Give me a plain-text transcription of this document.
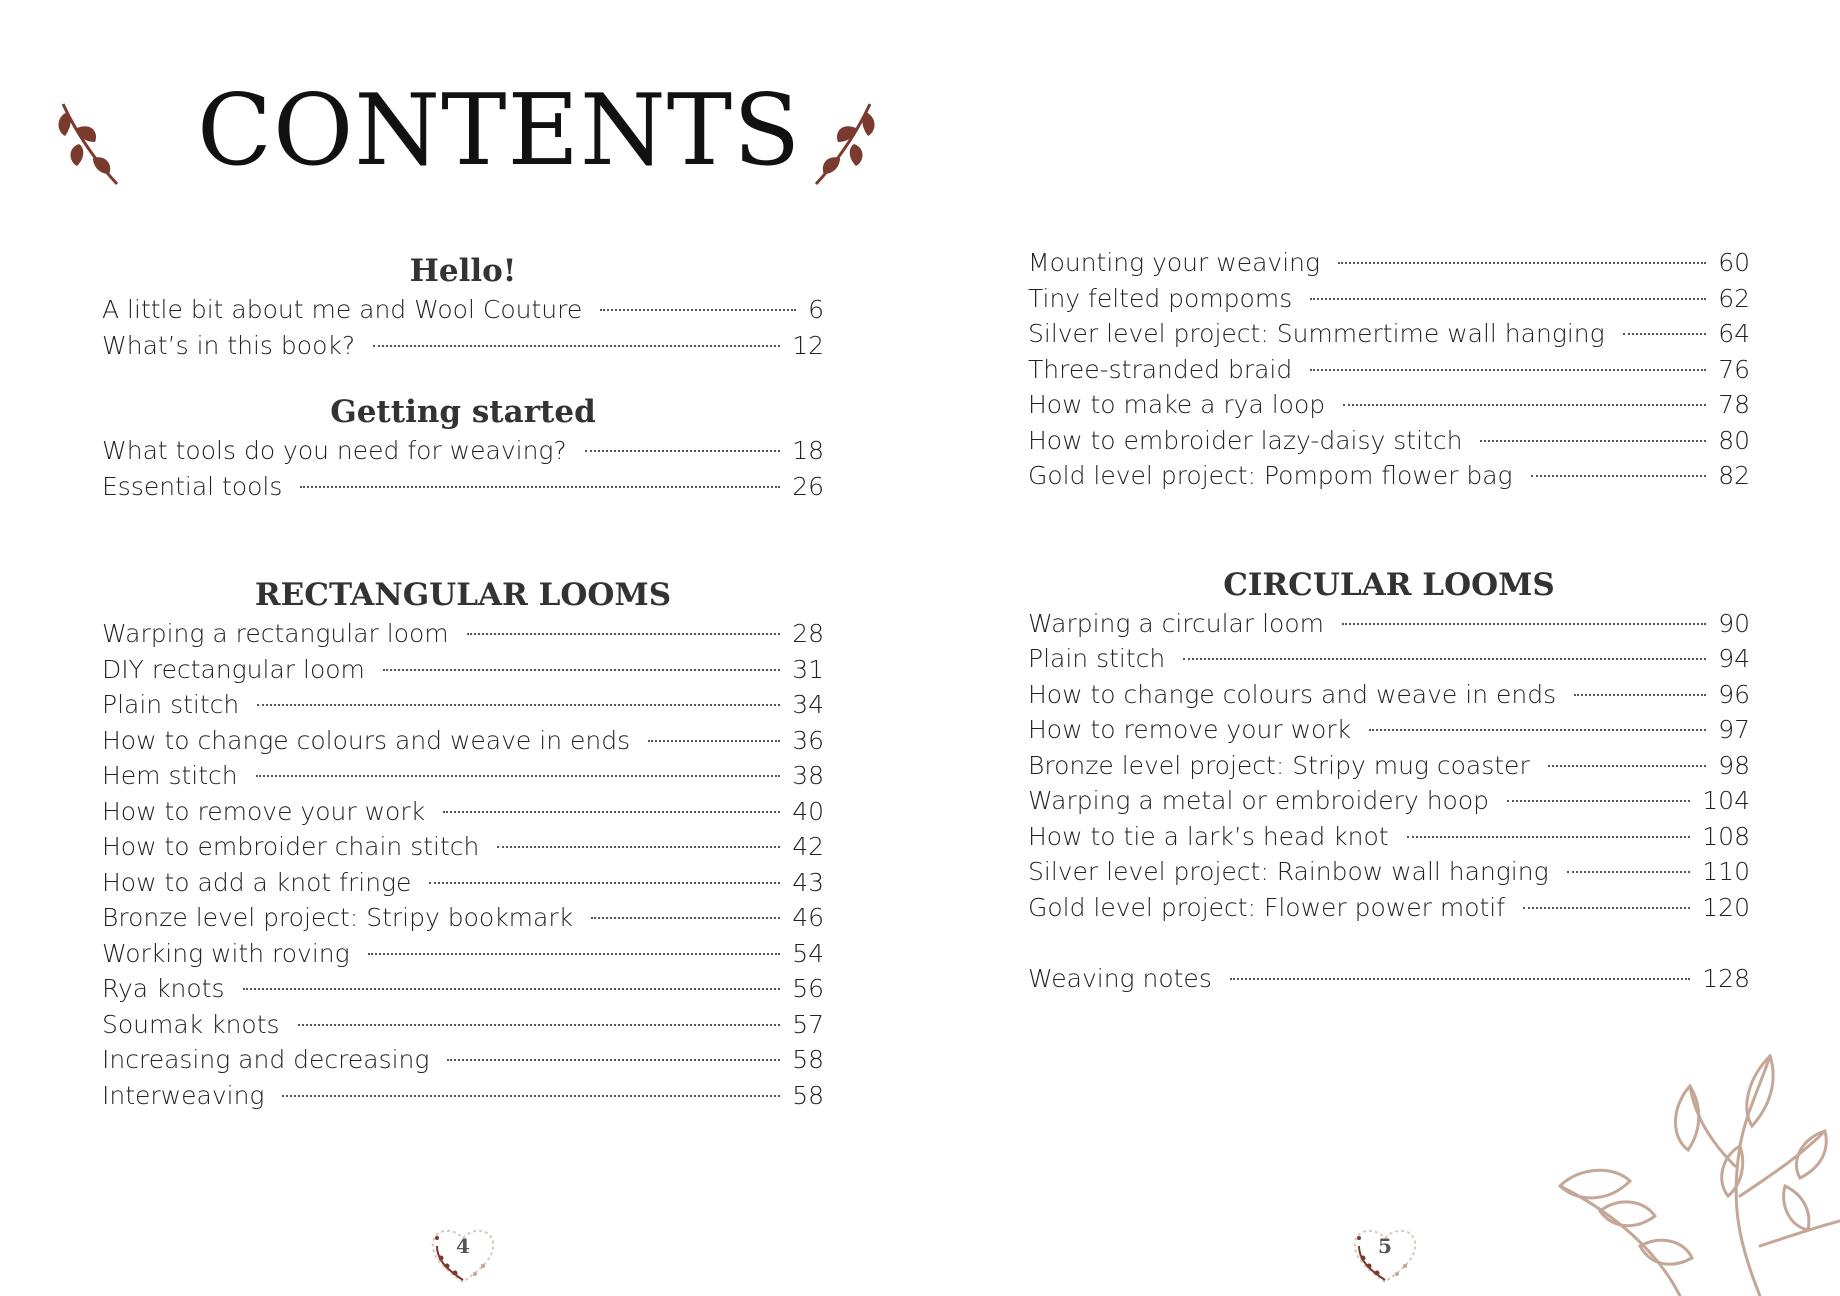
CONTENTS
Hello!
A little bit about me and Wool Couture	6
What’s in this book?	12
Getting started
What tools do you need for weaving?	18
Essential tools	26
RECTANGULAR LOOMS
Warping a rectangular loom	28
DIY rectangular loom	31
Plain stitch	34
How to change colours and weave in ends	36
Hem stitch	38
How to remove your work	40
How to embroider chain stitch	42
How to add a knot fringe	43
Bronze level project: Stripy bookmark	46
Working with roving	54
Rya knots	56
Soumak knots	57
Increasing and decreasing	58
Interweaving	58
Mounting your weaving	60
Tiny felted pompoms	62
Silver level project: Summertime wall hanging	64
Three-stranded braid	76
How to make a rya loop	78
How to embroider lazy-daisy stitch	80
Gold level project: Pompom flower bag	82
CIRCULAR LOOMS
Warping a circular loom	90
Plain stitch	94
How to change colours and weave in ends	96
How to remove your work	97
Bronze level project: Stripy mug coaster	98
Warping a metal or embroidery hoop	104
How to tie a lark’s head knot	108
Silver level project: Rainbow wall hanging	110
Gold level project: Flower power motif	120
Weaving notes	128
4	5
